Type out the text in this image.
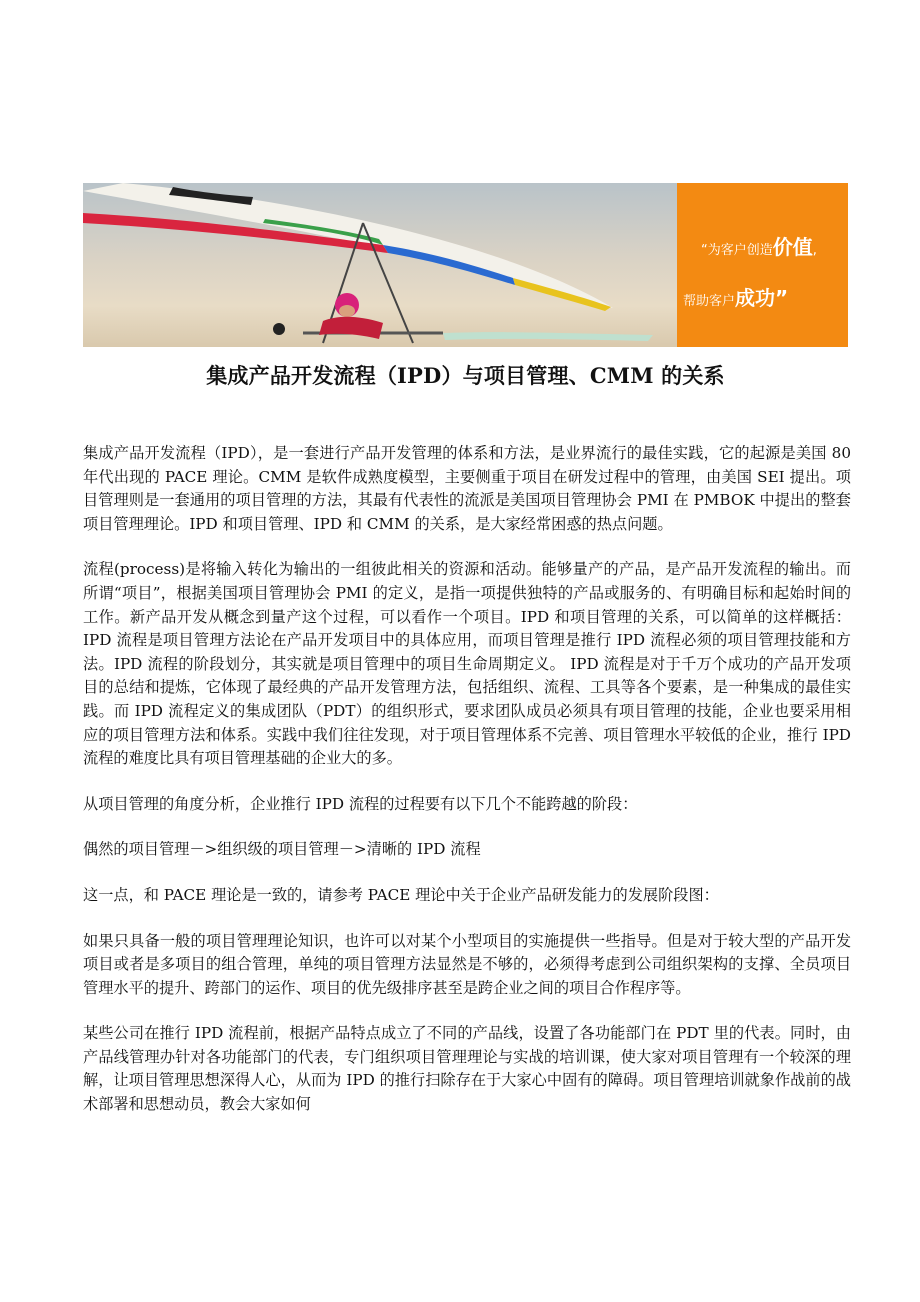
“为客户创造价值,
帮助客户成功”
集成产品开发流程（IPD）与项目管理、CMM 的关系

集成产品开发流程（IPD），是一套进行产品开发管理的体系和方法，是业界流行的最佳实践，它的起源是美国 80 年代出现的 PACE 理论。CMM 是软件成熟度模型，主要侧重于项目在研发过程中的管理，由美国 SEI 提出。项目管理则是一套通用的项目管理的方法，其最有代表性的流派是美国项目管理协会 PMI 在 PMBOK 中提出的整套项目管理理论。IPD 和项目管理、IPD 和 CMM 的关系，是大家经常困惑的热点问题。

流程(process)是将输入转化为输出的一组彼此相关的资源和活动。能够量产的产品，是产品开发流程的输出。而所谓“项目”，根据美国项目管理协会 PMI 的定义，是指一项提供独特的产品或服务的、有明确目标和起始时间的工作。新产品开发从概念到量产这个过程，可以看作一个项目。IPD 和项目管理的关系，可以简单的这样概括：IPD 流程是项目管理方法论在产品开发项目中的具体应用，而项目管理是推行 IPD 流程必须的项目管理技能和方法。IPD 流程的阶段划分，其实就是项目管理中的项目生命周期定义。 IPD 流程是对于千万个成功的产品开发项目的总结和提炼，它体现了最经典的产品开发管理方法，包括组织、流程、工具等各个要素，是一种集成的最佳实践。而 IPD 流程定义的集成团队（PDT）的组织形式，要求团队成员必须具有项目管理的技能，企业也要采用相应的项目管理方法和体系。实践中我们往往发现，对于项目管理体系不完善、项目管理水平较低的企业，推行 IPD 流程的难度比具有项目管理基础的企业大的多。

从项目管理的角度分析，企业推行 IPD 流程的过程要有以下几个不能跨越的阶段：

偶然的项目管理－>组织级的项目管理－>清晰的 IPD 流程

这一点，和 PACE 理论是一致的，请参考 PACE 理论中关于企业产品研发能力的发展阶段图：

如果只具备一般的项目管理理论知识，也许可以对某个小型项目的实施提供一些指导。但是对于较大型的产品开发项目或者是多项目的组合管理，单纯的项目管理方法显然是不够的，必须得考虑到公司组织架构的支撑、全员项目管理水平的提升、跨部门的运作、项目的优先级排序甚至是跨企业之间的项目合作程序等。

某些公司在推行 IPD 流程前，根据产品特点成立了不同的产品线，设置了各功能部门在 PDT 里的代表。同时，由产品线管理办针对各功能部门的代表，专门组织项目管理理论与实战的培训课，使大家对项目管理有一个较深的理解，让项目管理思想深得人心，从而为 IPD 的推行扫除存在于大家心中固有的障碍。项目管理培训就象作战前的战术部署和思想动员，教会大家如何
